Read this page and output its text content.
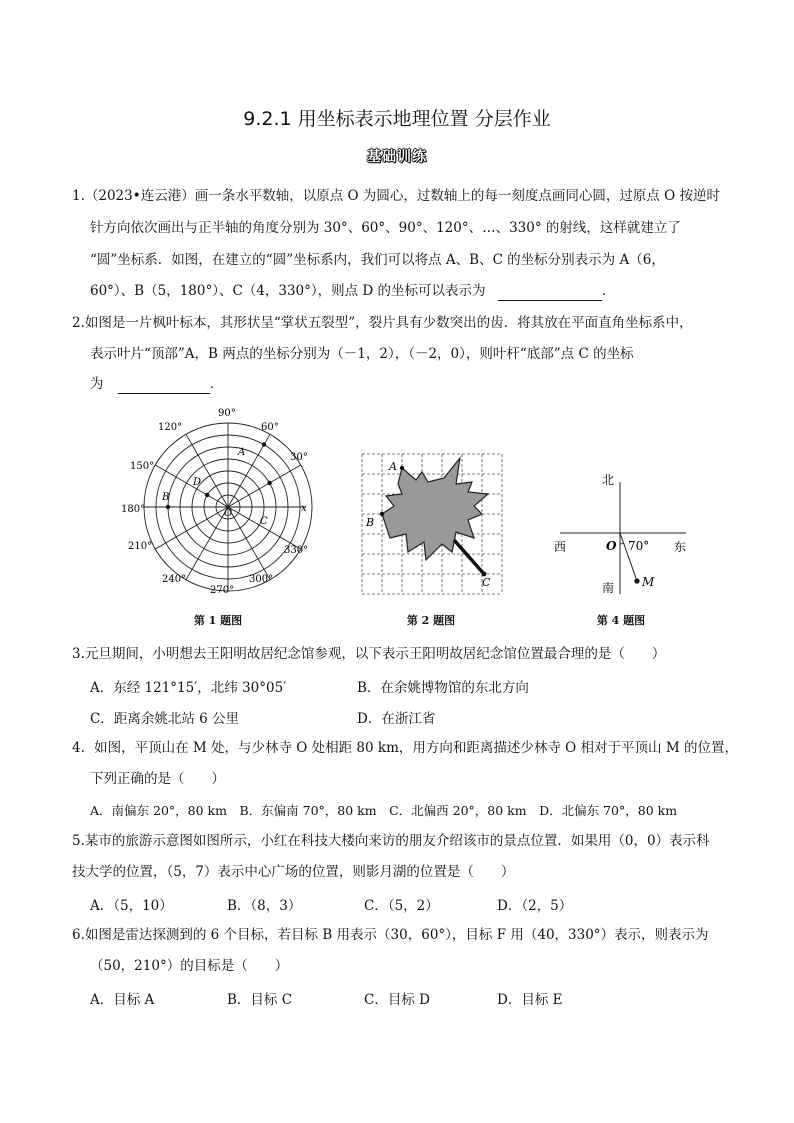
9.2.1 用坐标表示地理位置 分层作业
基础训练
1.（2023•连云港）画一条水平数轴，以原点 O 为圆心，过数轴上的每一刻度点画同心圆，过原点 O 按逆时
针方向依次画出与正半轴的角度分别为 30°、60°、90°、120°、…、330° 的射线，这样就建立了
“圆”坐标系．如图，在建立的“圆”坐标系内，我们可以将点 A、B、C 的坐标分别表示为 A（6，
60°）、B（5，180°）、C（4，330°），则点 D 的坐标可以表示为	．
2.如图是一片枫叶标本，其形状呈“掌状五裂型”，裂片具有少数突出的齿．将其放在平面直角坐标系中，
表示叶片“顶部”A，B 两点的坐标分别为（－1，2），（－2，0），则叶杆“底部”点 C 的坐标
为	．
A
B
C
D
O	x
90°
60°
30°
120°
150°
180°
210°
240°
270°
300°
330°
第 1 题图
A
B
C
第 2 题图
北
南
西	东
O 70°
M
第 4 题图
3.元旦期间，小明想去王阳明故居纪念馆参观，以下表示王阳明故居纪念馆位置最合理的是（　　）
A．东经 121°15′，北纬 30°05′	B．在余姚博物馆的东北方向
C．距离余姚北站 6 公里	D．在浙江省
4．如图，平顶山在 M 处，与少林寺 O 处相距 80 km，用方向和距离描述少林寺 O 相对于平顶山 M 的位置，
下列正确的是（　　）
A．南偏东 20°，80 km　B．东偏南 70°，80 km　C．北偏西 20°，80 km　D．北偏东 70°，80 km
5.某市的旅游示意图如图所示，小红在科技大楼向来访的朋友介绍该市的景点位置．如果用（0，0）表示科
技大学的位置，（5，7）表示中心广场的位置，则影月湖的位置是（　　）
A．（5，10）	B．（8，3）	C．（5，2）	D．（2，5）
6.如图是雷达探测到的 6 个目标，若目标 B 用表示（30，60°），目标 F 用（40，330°）表示，则表示为
（50，210°）的目标是（　　）
A．目标 A	B．目标 C	C．目标 D	D．目标 E
